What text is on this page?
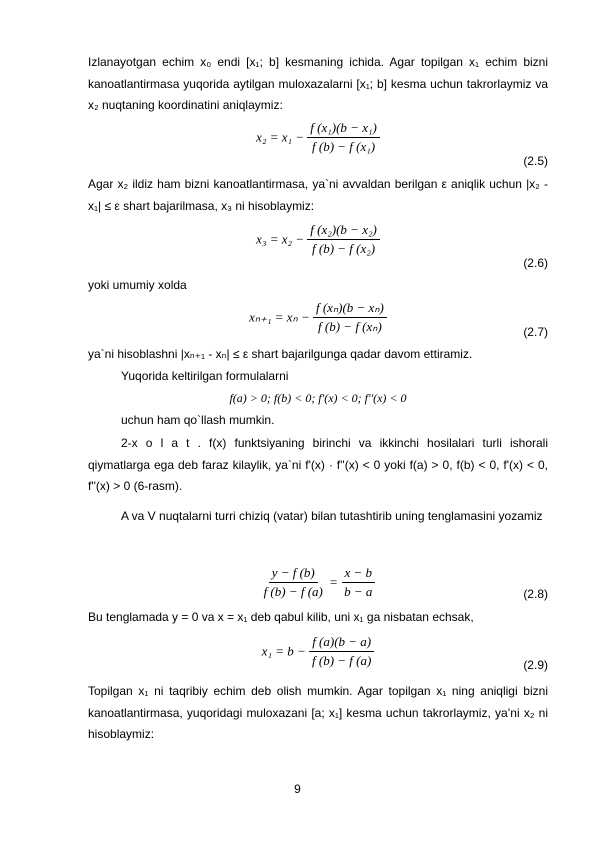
Izlanayotgan echim x₀ endi [x₁; b] kesmaning ichida. Agar topilgan x₁ echim bizni kanoatlantirmasa yuqorida aytilgan muloxazalarni [x₁; b] kesma uchun takrorlaymiz va x₂ nuqtaning koordinatini aniqlaymiz:
$x_2 = x_1 - \frac{\text{f (x₁)(b − x₁)}}{\text{f (b) − f (x₁)}}$
(2.5)
Agar x₂ ildiz ham bizni kanoatlantirmasa, ya`ni avvaldan berilgan ε aniqlik uchun |x₂ - x₁| ≤ ε shart bajarilmasa, x₃ ni hisoblaymiz:
$x_3 = x_2 - \frac{\text{f (x₂)(b − x₂)}}{\text{f (b) − f (x₂)}}$
(2.6)
yoki umumiy xolda
$x_{n+1} = x_n - \frac{\text{f (xₙ)(b − xₙ)}}{\text{f (b) − f (xₙ)}}$	(2.7)
ya`ni hisoblashni |xₙ₊₁ - xₙ| ≤ ε shart bajarilgunga qadar davom ettiramiz.
Yuqorida keltirilgan formulalarni
f(a) > 0; f(b) < 0; f'(x) < 0; f''(x) < 0
uchun ham qo`llash mumkin.
2-x o l a t . f(x) funktsiyaning birinchi va ikkinchi hosilalari turli ishorali qiymatlarga ega deb faraz kilaylik, ya`ni f'(x) · f''(x) < 0 yoki f(a) > 0, f(b) < 0, f'(x) < 0, f''(x) > 0 (6-rasm).
A va V nuqtalarni turri chiziq (vatar) bilan tutashtirib uning tenglamasini yozamiz
$\frac{y - f (b)}{f (b) - f (a)} = \frac{x - b}{b - a}$	(2.8)
Bu tenglamada y = 0 va x = x₁ deb qabul kilib, uni x₁ ga nisbatan echsak,
$x_1 = b - \frac{f (a)(b - a)}{f (b) - f (a)}$	(2.9)
Topilgan x₁ ni taqribiy echim deb olish mumkin. Agar topilgan x₁ ning aniqligi bizni kanoatlantirmasa, yuqoridagi muloxazani [a; x₁] kesma uchun takrorlaymiz, ya’ni x₂ ni hisoblaymiz:
9
